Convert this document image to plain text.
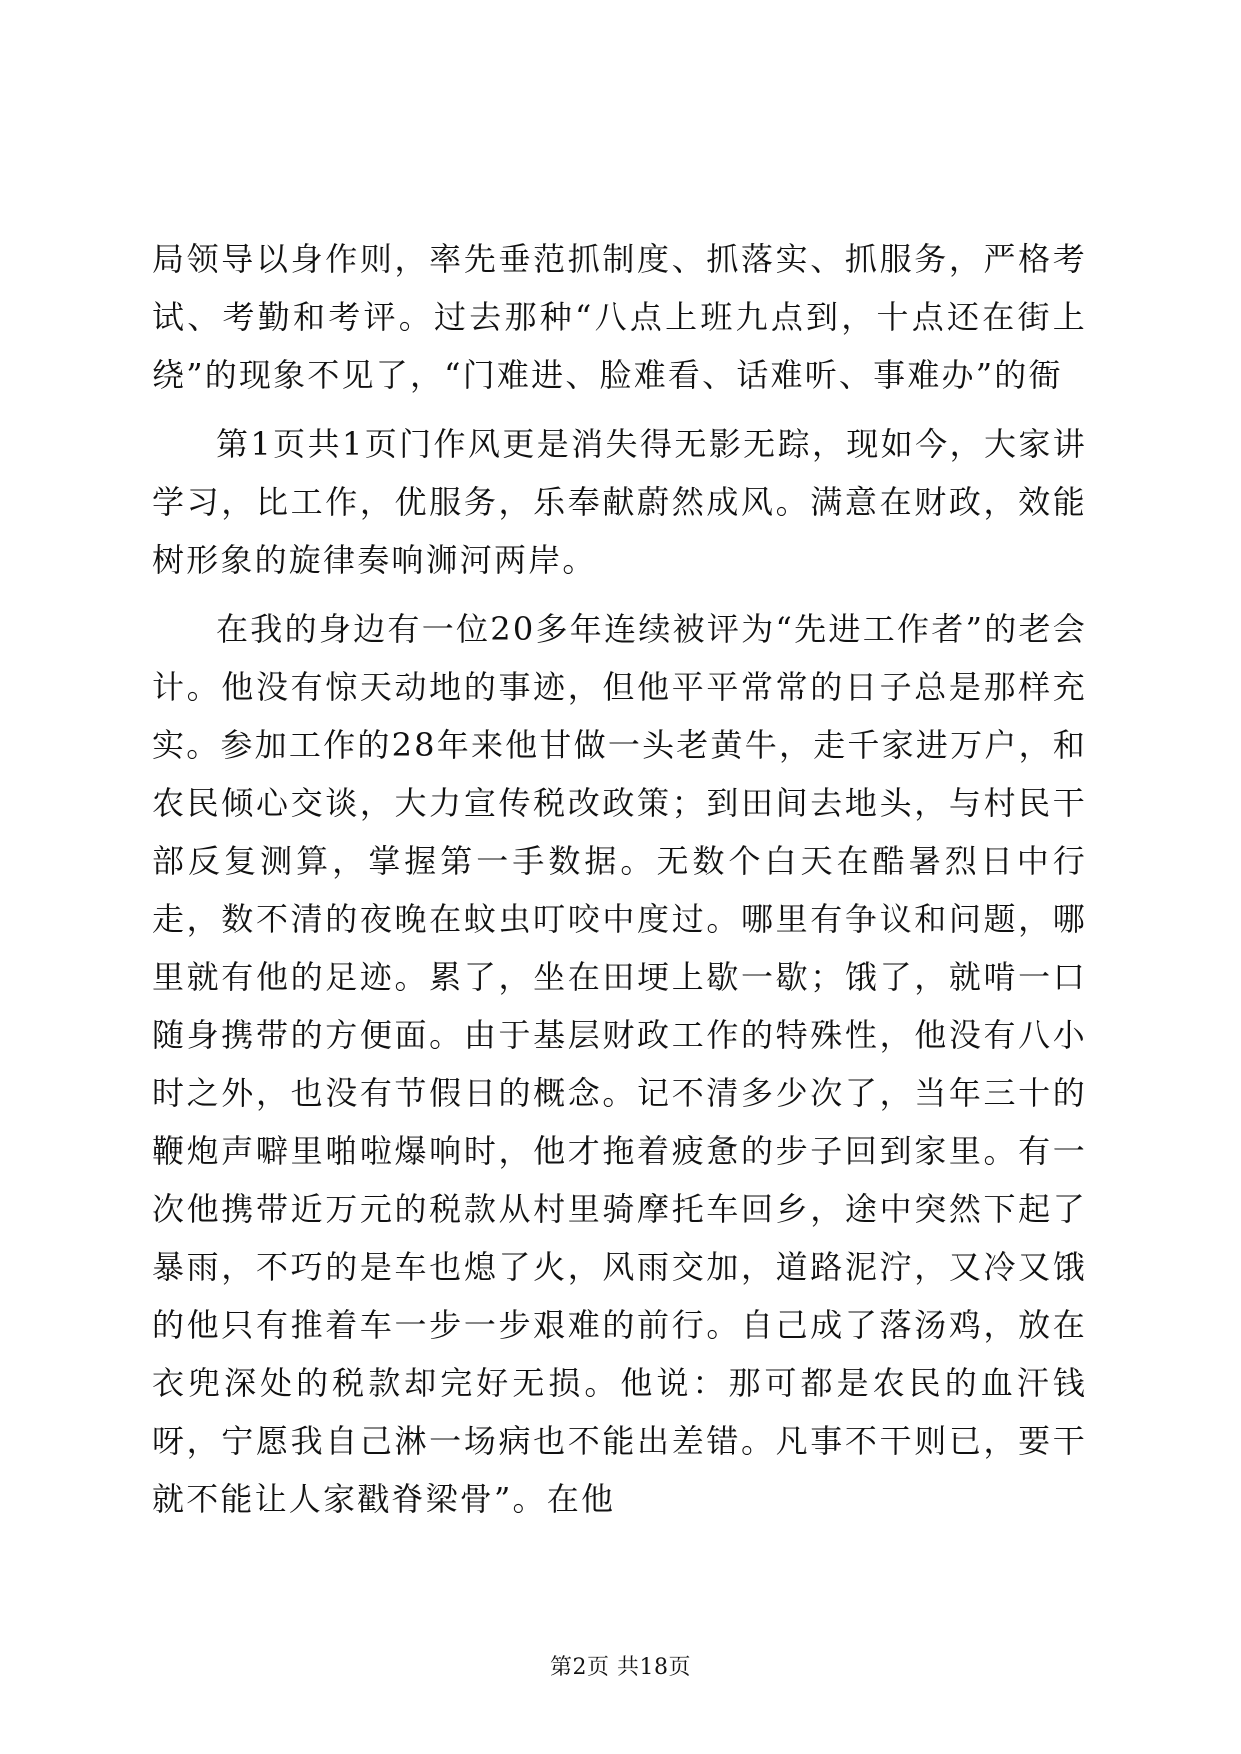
局领导以身作则，率先垂范抓制度、抓落实、抓服务，严格考试、考勤和考评。过去那种“八点上班九点到，十点还在街上绕”的现象不见了，“门难进、脸难看、话难听、事难办”的衙

第1页共1页门作风更是消失得无影无踪，现如今，大家讲学习，比工作，优服务，乐奉献蔚然成风。满意在财政，效能树形象的旋律奏响浉河两岸。

在我的身边有一位20多年连续被评为“先进工作者”的老会计。他没有惊天动地的事迹，但他平平常常的日子总是那样充实。参加工作的28年来他甘做一头老黄牛，走千家进万户，和农民倾心交谈，大力宣传税改政策；到田间去地头，与村民干部反复测算，掌握第一手数据。无数个白天在酷暑烈日中行走，数不清的夜晚在蚊虫叮咬中度过。哪里有争议和问题，哪里就有他的足迹。累了，坐在田埂上歇一歇；饿了，就啃一口随身携带的方便面。由于基层财政工作的特殊性，他没有八小时之外，也没有节假日的概念。记不清多少次了，当年三十的鞭炮声噼里啪啦爆响时，他才拖着疲惫的步子回到家里。有一次他携带近万元的税款从村里骑摩托车回乡，途中突然下起了暴雨，不巧的是车也熄了火，风雨交加，道路泥泞，又冷又饿的他只有推着车一步一步艰难的前行。自己成了落汤鸡，放在衣兜深处的税款却完好无损。他说：那可都是农民的血汗钱呀，宁愿我自己淋一场病也不能出差错。凡事不干则已，要干就不能让人家戳脊梁骨”。在他

第2页 共18页
